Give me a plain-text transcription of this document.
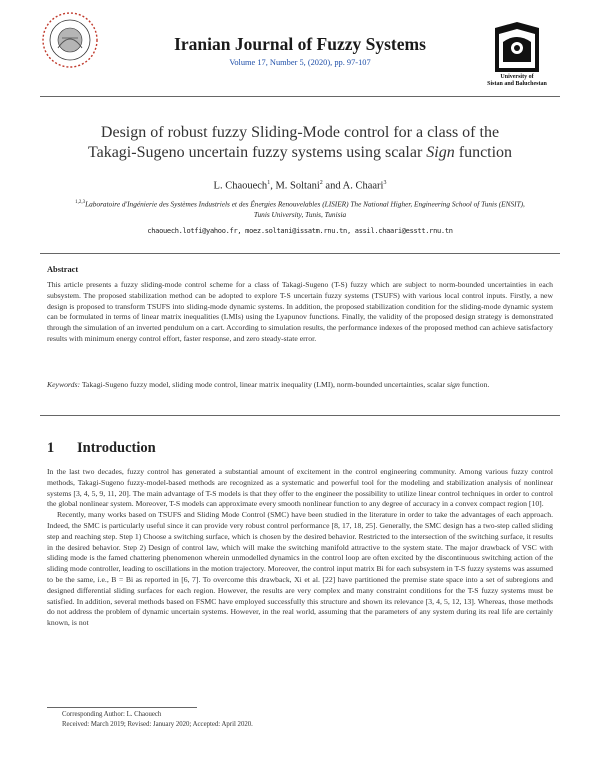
Iranian Journal of Fuzzy Systems
Volume 17, Number 5, (2020), pp. 97-107
University of
Sistan and Baluchestan
Design of robust fuzzy Sliding-Mode control for a class of the
Takagi-Sugeno uncertain fuzzy systems using scalar Sign function
L. Chaouech$^1$, M. Soltani$^2$ and A. Chaari$^3$
$^{1,2,3}$Laboratoire d'Ingénierie des Systèmes Industriels et des Énergies Renouvelables (LISIER) The National Higher, Engineering School of Tunis (ENSIT), Tunis University, Tunis, Tunisia
chaouech.lotfi@yahoo.fr, moez.soltani@issatm.rnu.tn, assil.chaari@esstt.rnu.tn
Abstract
This article presents a fuzzy sliding-mode control scheme for a class of Takagi-Sugeno (T-S) fuzzy which are subject to norm-bounded uncertainties in each subsystem. The proposed stabilization method can be adopted to explore T-S uncertain fuzzy systems (TSUFS) with various local control inputs. Firstly, a new design is proposed to transform TSUFS into sliding-mode dynamic systems. In addition, the proposed stabilization condition for the sliding-mode dynamic system can be formulated in terms of linear matrix inequalities (LMIs) using the Lyapunov functions. Finally, the validity of the proposed design strategy is demonstrated through the simulation of an inverted pendulum on a cart. According to simulation results, the performance indexes of the proposed method can achieve satisfactory results with minimum energy control effort, faster response, and zero steady-state error.
Keywords: Takagi-Sugeno fuzzy model, sliding mode control, linear matrix inequality (LMI), norm-bounded uncertainties, scalar sign function.
1 Introduction

In the last two decades, fuzzy control has generated a substantial amount of excitement in the control engineering community. Among various fuzzy control methods, Takagi-Sugeno fuzzy-model-based methods are recognized as a systematic and powerful tool for the modeling and stabilization analysis of nonlinear systems [3, 4, 5, 9, 11, 20]. The main advantage of T-S models is that they offer to the engineer the possibility to utilize linear control techniques in order to control the global nonlinear system. Moreover, T-S models can approximate every smooth nonlinear function to any degree of accuracy in a convex compact region [10].

Recently, many works based on TSUFS and Sliding Mode Control (SMC) have been studied in the literature in order to take the advantages of each approach. Indeed, the SMC is particularly useful since it can provide very robust control performance [8, 17, 18, 25]. Generally, the SMC design has a two-step called sliding step and reaching step. Step 1) Choose a switching surface, which is chosen by the desired behavior. Restricted to the intersection of the switching surface, it results in the desired behavior. Step 2) Design of control law, which will make the switching manifold attractive to the system state. The major drawback of VSC with sliding mode is the famed chattering phenomenon wherein unmodelled dynamics in the control loop are often excited by the discontinuous switching action of the sliding mode controller, leading to oscillations in the motion trajectory. Moreover, the control input matrix Bi for each subsystem in T-S fuzzy systems was assumed to be the same, i.e., B = Bi as reported in [6, 7]. To overcome this drawback, Xi et al. [22] have partitioned the premise state space into a set of subregions and designed differential sliding surfaces for each region. However, the results are very complex and many constraint conditions for the T-S fuzzy systems must be satisfied. In addition, several methods based on FSMC have employed successfully this structure and shown its relevance [3, 4, 5, 12, 13]. Whereas, those methods do not address the problem of dynamic uncertain systems. However, in the real world, assuming that the parameters of any system during its real life are certainly known, is not

Corresponding Author: L. Chaouech
Received: March 2019; Revised: January 2020; Accepted: April 2020.
